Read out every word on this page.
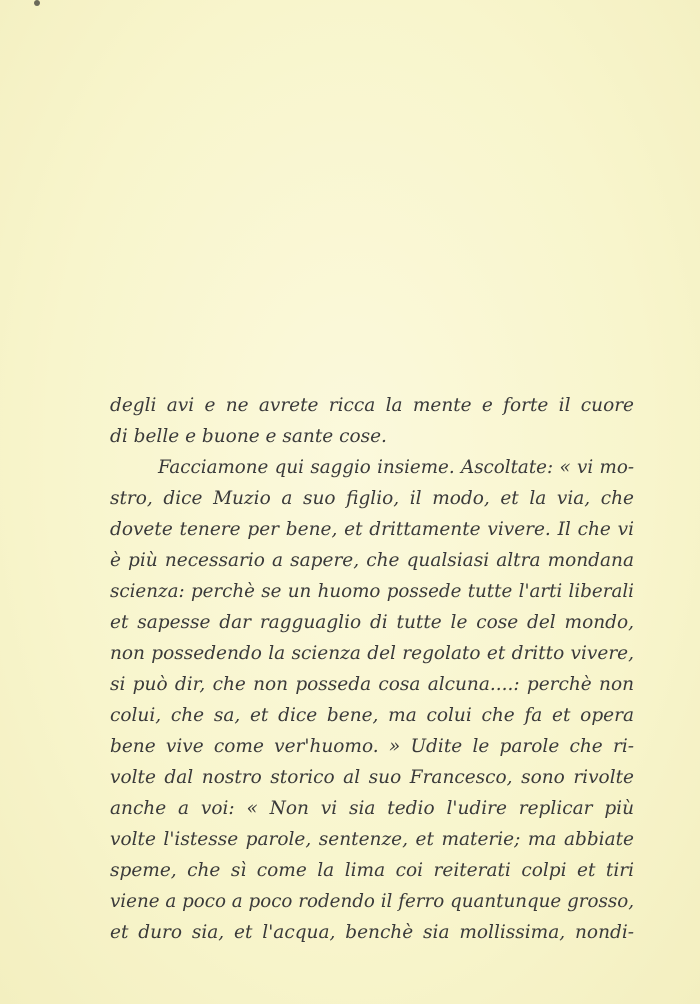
degli avi e ne avrete ricca la mente e forte il cuore
di belle e buone e sante cose.
Facciamone qui saggio insieme. Ascoltate: « vi mo-
stro, dice Muzio a suo figlio, il modo, et la via, che
dovete tenere per bene, et drittamente vivere. Il che vi
è più necessario a sapere, che qualsiasi altra mondana
scienza: perchè se un huomo possede tutte l'arti liberali
et sapesse dar ragguaglio di tutte le cose del mondo,
non possedendo la scienza del regolato et dritto vivere,
si può dir, che non posseda cosa alcuna....: perchè non
colui, che sa, et dice bene, ma colui che fa et opera
bene vive come ver'huomo. » Udite le parole che ri-
volte dal nostro storico al suo Francesco, sono rivolte
anche a voi: « Non vi sia tedio l'udire replicar più
volte l'istesse parole, sentenze, et materie; ma abbiate
speme, che sì come la lima coi reiterati colpi et tiri
viene a poco a poco rodendo il ferro quantunque grosso,
et duro sia, et l'acqua, benchè sia mollissima, nondi-
